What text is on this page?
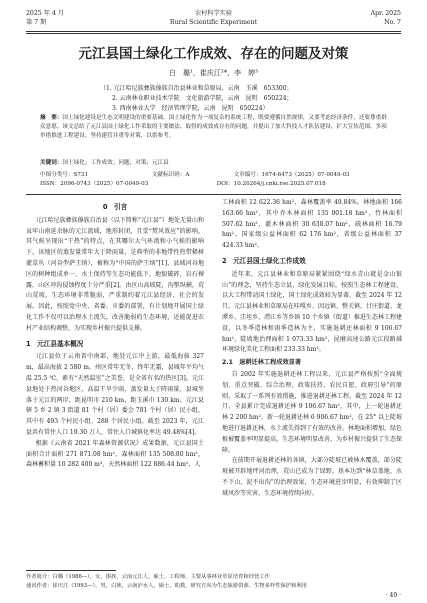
2025 年 4 月
第 7 期
农村科学实验
Rural Scientific Experiment
Apr. 2025
No. 7
元江县国土绿化工作成效、存在的问题及对策
白　璐¹，崔庆江²*，李　婷³
（1. 元江哈尼族彝族傣族自治县林业和草原局，云南　玉溪　653300；
2. 云南林业职业技术学院　文化旅游学院，云南　昆明　650224；
3. 西南林业大学　经济管理学院，云南　昆明　650224）
摘　要：国土绿化建设是生态文明建设的重要基础。国土绿化作为一项复杂的系统工程，既要遵循自然规律，又要考虑经济条件，还要尊重群众意愿。该文总结了元江县国土绿化工作采取的主要做法、取得的成效成存在的问题，并提出了加大科技人才队伍建设、扩大宣传范围、多项举措推进工程建设、坚持建管并重等对策，以供参考。
关键词：国土绿化；工作成效；问题；对策；元江县
中图分类号：S731	文献标识码：A	文章编号：1674-6473（2025）07-0049-03
ISSN：2096-0743（2025）07-0049-03	DOI：10.20264/j.cnki.rse.2025.07.018

0　引言

元江哈尼族彝族傣族自治县（以下简称“元江县”）地处无量山和哀牢山南延余脉的元江流域，地形封闭，且受“焚风效应”的影响，其气候呈现出“干热”的特点，在其哪尔大气环流和小气候的影响下，该地区的蒸发量常年大于降雨量，是典型的非地带性热带稀树灌草丛（河谷型萨王纳），被称为“中国的萨王纳”[1]，县域河谷地区的树种组成单一、水土保持等生态功能低下。地貌破碎，岩石裸露，山区冲沟侵蚀程度十分严重[2]。由区山高坡陡，沟壑纵横，荒山荒坡，生态环境非常脆弱，严重制约着元江县经济、社会的发展。因此，按照党中央、省委、市委的部署，有计划地开展国土绿化工作不仅可以治理水土流失，改善脆弱的生态环境，还能促进农村产业结构调整，为实现乡村振兴提供支撑。

1　元江县基本概况

元江县位于云南省中南部，地处元江中上游，最低海拔 327 m，最高海拔 2 580 m。州区常年无冬，终年无霜，县城年平均气温 25.5 ℃，素有“天然温室”之美誉，是全省有名的热区[3]。元江县地处于热河谷地区，高温干旱少雨，蒸发量大于降雨量。县城坐落于元江的两岸，距昆明市 210 km，距玉溪市 130 km。元江县辖 5 乡 2 镇 3 街道 81 个村（居）委会 781 个村（居）民小组，其中有 493 个村民小组、288 个居民小组。截至 2023 年，元江县共有常住人口 19.30 万人，常住人口城镇化率达 49.48%[4]。

根据《云南省 2021 年森林资源状况》成果数据，元江县国土面积合计面积 271 871.08 hm²，森林面积 135 508.80 hm²，森林蓄积量 10 282 400 m³，天然林面积 122 886.44 hm²，人

工林面积 12 622.36 hm²，森林覆盖率 49.84%。林地面积 166 163.66 hm²，其中乔木林面积 135 001.18 hm²，竹林面积 507.62 hm²，灌木林面积 30 638.07 hm²，疏林面积 16.79 hm²。国家级公益林面积 62 176 hm²，省级公益林面积 37 424.33 hm²。

2　元江县国土绿化工作成效

近年来，元江县林业和草原局紧紧围绕“绿水青山就是金山银山”的理念，坚持生态立县，绿化发展目标，按照生态林工程建设、以大工程带动国土绿化，国土绿化成效较为显著。截至 2024 年 12 月，元江县林业和草原局在哇嘎乡、因远镇、整关镇、甘庄街道、龙潭乡、洼垤乡、澧江乡等乡镇 10 个乡镇（街道）推进生态林工程建设，以冬季造林和雨季造林为主，实施退耕还林面积 9 106.67 hm²，陡坡地治理面积 1 073.33 hm²，昆磨高速公路元江段路域环境绿化美化工程面积 233.33 hm²。

2.1　退耕还林工程成效显著

自 2002 年实施退耕还林工程以来，元江县严格按照“全面规划、重点突破、综合治理、政策扶持、农民自愿、政府引导”的原则，采取了一系列有效措施，推进退耕还林工程。截至 2024 年 12 月，全县累计完成退耕还林 9 106.67 hm²，其中，上一轮退耕还林 2 200 hm²，新一轮退耕还林 6 906.67 hm²，在 25° 以上陡坡地进行退耕还林，水土流失得到了有效的改善，林地面积增加，绿色植被覆盖率明显提高，生态环境明显改善，为乡村振兴提供了生态保障。

在前期开展退耕还林的各镇，大部分陡坡已被林木覆盖，部分陡坡被开辟地坪河治理，荒山已成为了绿野，基本达到“林草盖地、水不下山、泥不出沟”的治理效果，生态环境进步明显，有效抑制了区域风沙等灾害，生态环境持续向好。

作者简介：白璐（1986—），女，傣族，云南元江人，硕士，工程师，主要从事林业草原培育和经营工作
通讯作者：崔庆江（1993—），男，白族，云南泸水人，硕士，助教，研究方向为生态旅游资源、生物多样性保护和利用
· 49 ·
